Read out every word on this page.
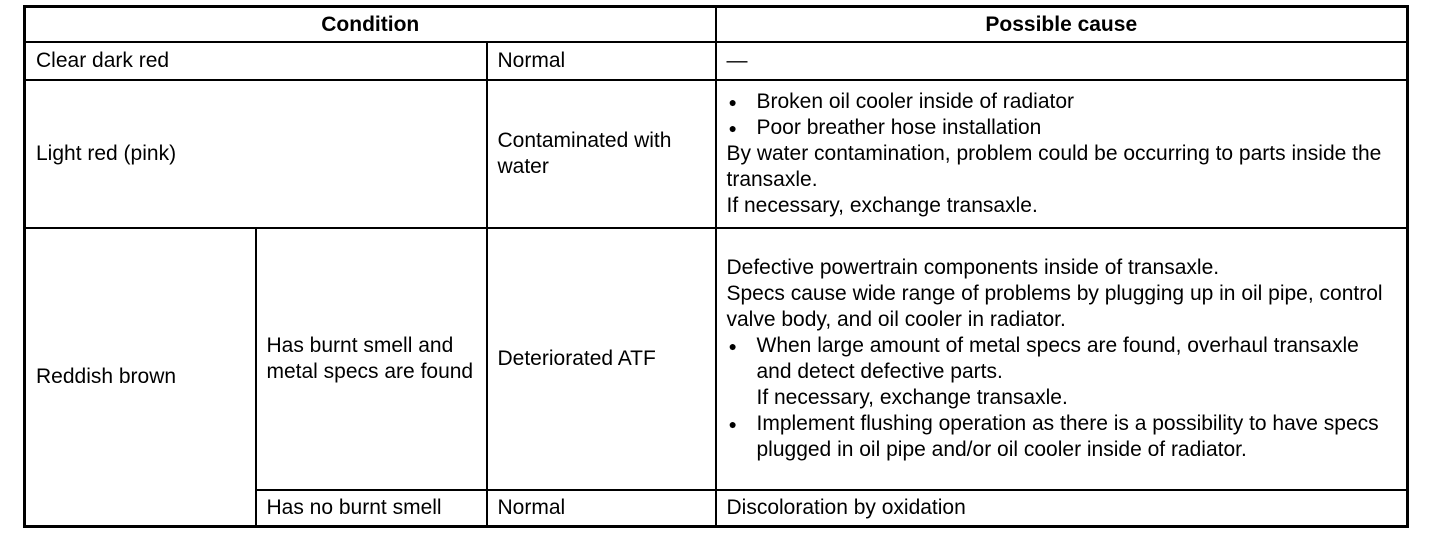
Condition			Possible cause
Clear dark red		Normal	—
Light red (pink)		Contaminated with water	● Broken oil cooler inside of radiator
● Poor breather hose installation
By water contamination, problem could be occurring to parts inside the transaxle.
If necessary, exchange transaxle.

Reddish brown	Has burnt smell and metal specs are found	Deteriorated ATF	Defective powertrain components inside of transaxle.
Specs cause wide range of problems by plugging up in oil pipe, control valve body, and oil cooler in radiator.
● When large amount of metal specs are found, overhaul transaxle and detect defective parts.
If necessary, exchange transaxle.
● Implement flushing operation as there is a possibility to have specs plugged in oil pipe and/or oil cooler inside of radiator.

	Has no burnt smell	Normal	Discoloration by oxidation
